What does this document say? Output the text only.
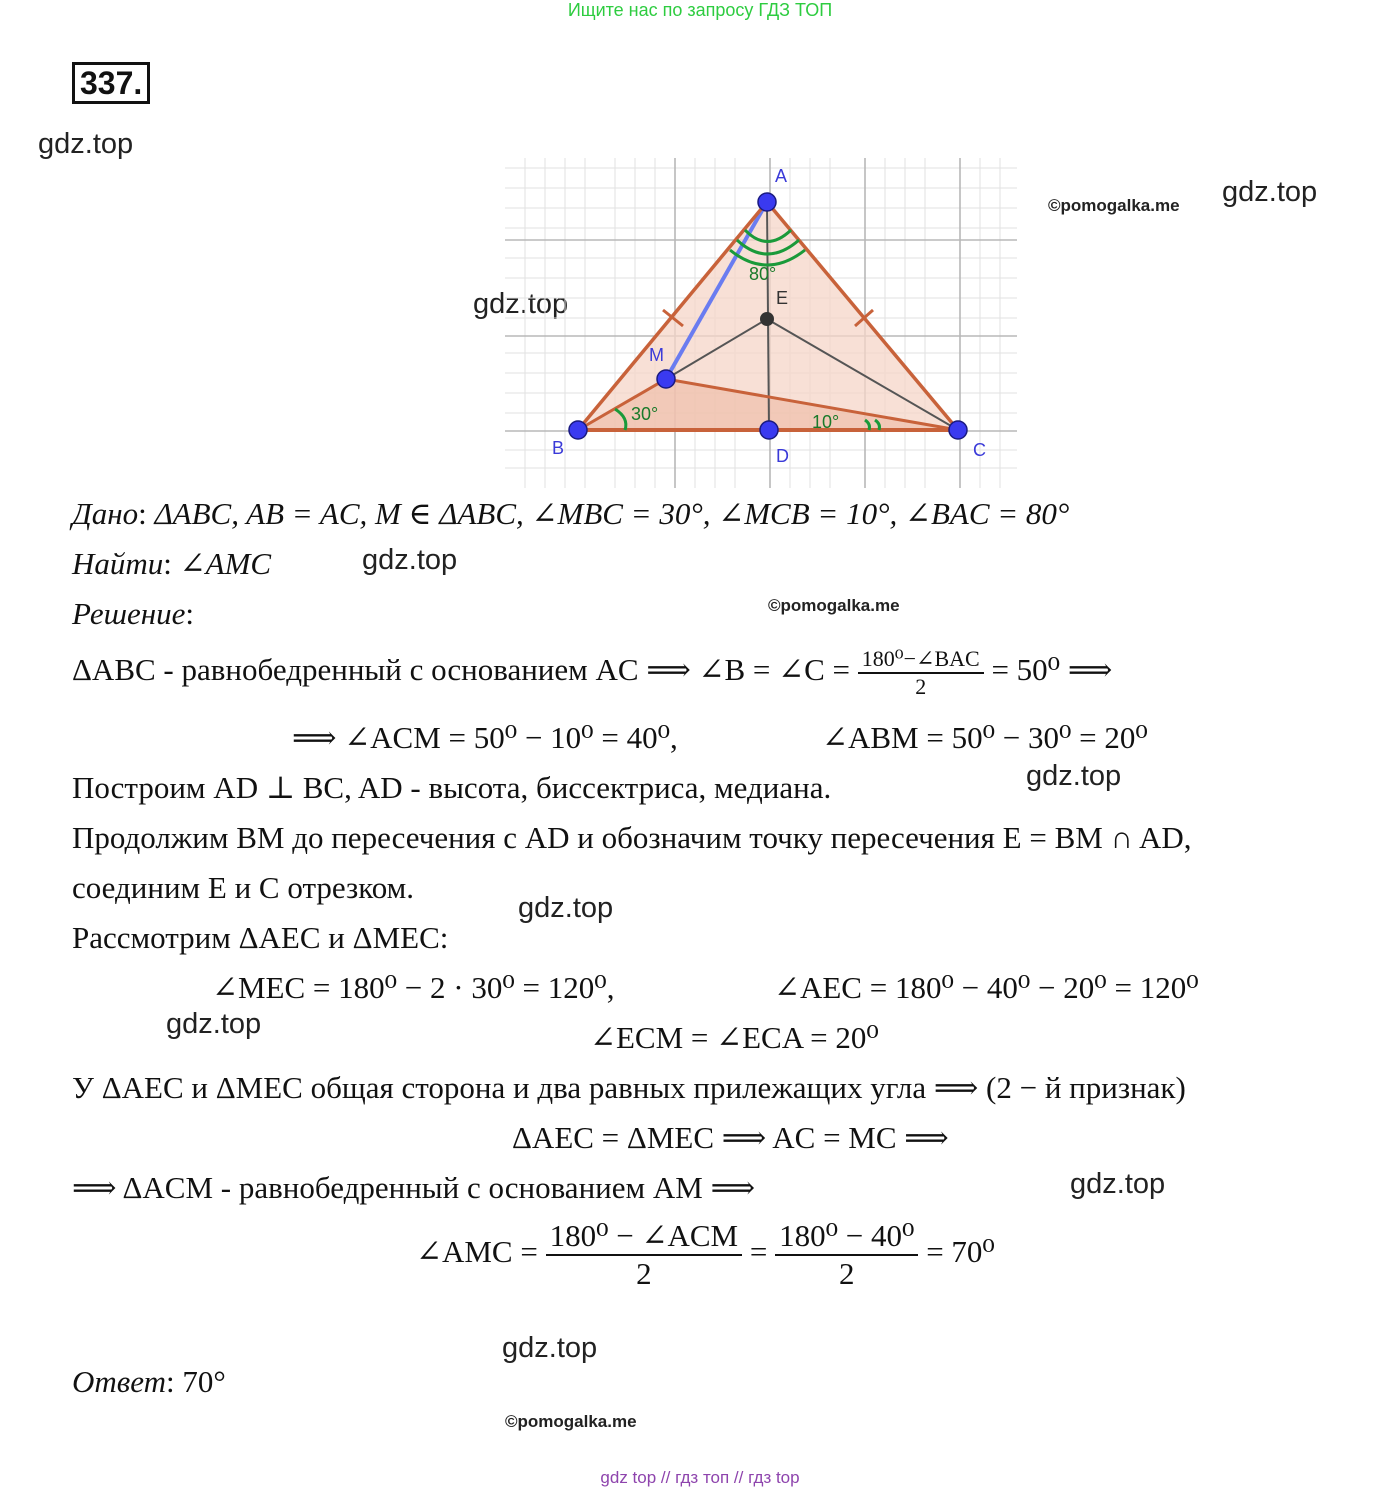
Ищите нас по запросу ГДЗ ТОП
337.
gdz.top
gdz.top
©pomogalka.me
gdz.top
A
B	C
D
E
M
80°
30°	10°
Дано: ΔABC, AB = AC, M ∈ ΔABC, ∠MBC = 30°, ∠MCB = 10°, ∠BAC = 80°
Найти: ∠AMC	gdz.top
Решение:	©pomogalka.me
ΔABC - равнобедренный с основанием AC ⟹ ∠B = ∠C = $\frac{\text{180⁰−∠BAC}}{2} = 50^0$ ⟹
⟹ ∠ACM = 50⁰ − 10⁰ = 40⁰,	∠ABM = 50⁰ − 30⁰ = 20⁰
Построим AD ⊥ BC, AD - высота, биссектриса, медиана.	gdz.top
Продолжим BM до пересечения с AD и обозначим точку пересечения E = BM ∩ AD,
соединим E и C отрезком.
gdz.top
Рассмотрим ΔAEC и ΔMEC:
∠MEC = 180⁰ − 2 · 30⁰ = 120⁰,	∠AEC = 180⁰ − 40⁰ − 20⁰ = 120⁰
gdz.top	∠ECM = ∠ECA = 20⁰
У ΔAEC и ΔMEC общая сторона и два равных прилежащих угла ⟹ (2 − й признак)
ΔAEC = ΔMEC ⟹ AC = MC ⟹
⟹ ΔACM - равнобедренный с основанием AM ⟹	gdz.top
∠AMC = $\frac{\text{180⁰ − ∠ACM}}{2} = \frac{\text{180⁰ − 40⁰}}{2} = 70^0$
gdz.top
Ответ: 70°
©pomogalka.me
gdz top // гдз топ // гдз top
